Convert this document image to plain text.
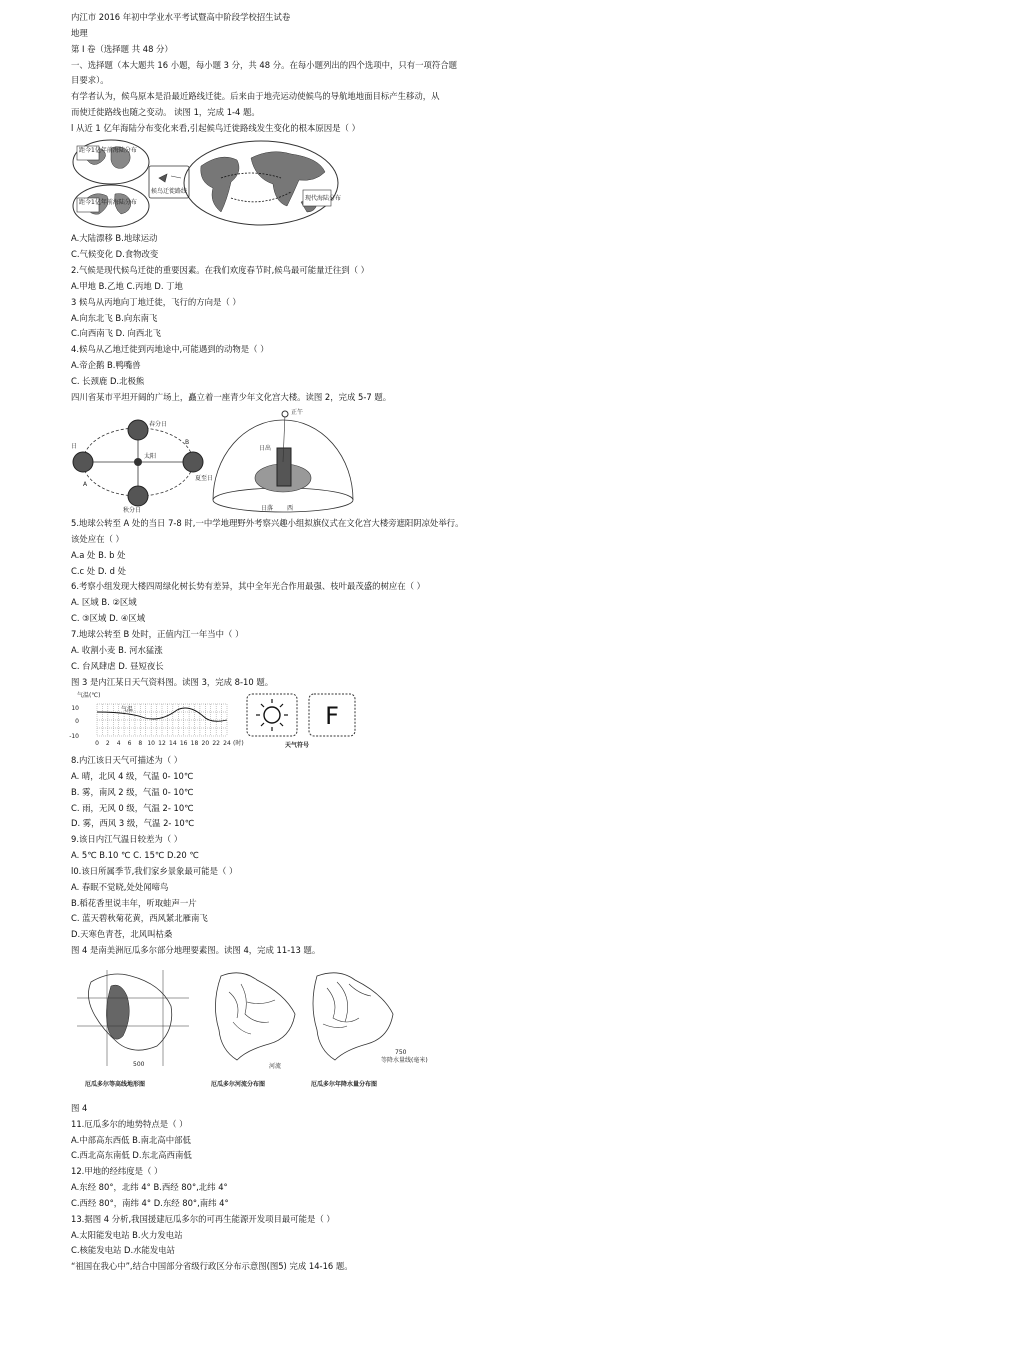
内江市 2016 年初中学业水平考试暨高中阶段学校招生试卷
地理
第 I 卷（选择题 共 48 分）
一、选择题（本大题共 16 小题，每小题 3 分，共 48 分。在每小题列出的四个选项中，只有一项符合题
目要求）。
有学者认为，候鸟原本是沿最近路线迁徙。后来由于地壳运动使候鸟的导航地地面目标产生移动，从
而使迁徙路线也随之变动。 读图 1，完成 1-4 题。
l 从近 1 亿年海陆分布变化来看,引起候鸟迁徙路线发生变化的根本原因是（ ）
距今1亿年前海陆分布
距今1亿年前海陆分布
候鸟迁徙路线
现代海陆分布
A.大陆漂移 B.地球运动
C.气候变化 D.食物改变
2.气候是现代候鸟迁徙的重要因素。在我们欢度春节时,候鸟最可能量迁往到（ ）
A.甲地 B.乙地 C.丙地 D. 丁地
3 候鸟从丙地向丁地迁徙，飞行的方向是（ ）
A.向东北飞 B.向东南飞
C.向西南飞 D. 向西北飞
4.候鸟从乙地迁徙到丙地途中,可能遇到的动物是（ ）
A.帝企鹅 B.鸭嘴兽
C. 长颈鹿 D.北极熊
四川省某市平坦开阔的广场上，矗立着一座青少年文化宫大楼。读图 2，完成 5-7 题。
太阳
春分日
夏至日
B
秋分日
日
A
正午
日出
日落 西
5.地球公转至 A 处的当日 7-8 时,一中学地理野外考察兴趣小组拟旗仪式在文化宫大楼旁遮阳阴凉处举行。
该处应在（ ）
A.a 处 B. b 处
C.c 处 D. d 处
6.考察小组发现大楼四周绿化树长势有差异，其中全年光合作用最强、枝叶最茂盛的树应在（ ）
A. 区域 B. ②区域
C. ③区域 D. ④区域
7.地球公转至 B 处时，正值内江一年当中（ ）
A. 收割小麦 B. 河水猛涨
C. 台风肆虐 D. 昼短夜长
图 3 是内江某日天气资料图。读图 3，完成 8-10 题。
气温(℃)
10
0
-10
气温
0 2 4 6 8 10 12 14 16 18 20 22 24 (时)
F
天气符号
8.内江该日天气可描述为（ ）
A. 晴，北风 4 级，气温 0- 10℃
B. 雾，南风 2 级，气温 0- 10℃
C. 雨，无风 0 级，气温 2- 10℃
D. 雾，西风 3 级，气温 2- 10℃
9.该日内江气温日较差为（ ）
A. 5℃ B.10 ℃ C. 15℃ D.20 ℃
l0.该日所属季节,我们家乡景象最可能是（ ）
A. 春眠不觉晓,处处闻啼鸟
B.稻花香里说丰年，听取蛙声一片
C. 蓝天碧秋菊花黄，西风紧北雁南飞
D.天寒色青苍，北风叫枯桑
图 4 是南美洲厄瓜多尔部分地理要素图。读图 4，完成 11-13 题。
500
厄瓜多尔等高线地形图
河流
厄瓜多尔河流分布图
750
等降水量线(毫米)
厄瓜多尔年降水量分布图
图 4
11.厄瓜多尔的地势特点是（ ）
A.中部高东西低 B.南北高中部低
C.西北高东南低 D.东北高西南低
12.甲地的经纬度是（ ）
A.东经 80°，北纬 4° B.西经 80°,北纬 4°
C.西经 80°，南纬 4° D.东经 80°,南纬 4°
13.据图 4 分析,我国援建厄瓜多尔的可再生能源开发项目最可能是（ ）
A.太阳能发电站 B.火力发电站
C.核能发电站 D.水能发电站
“祖国在我心中”,结合中国部分省级行政区分布示意图(图5) 完成 14-16 题。
